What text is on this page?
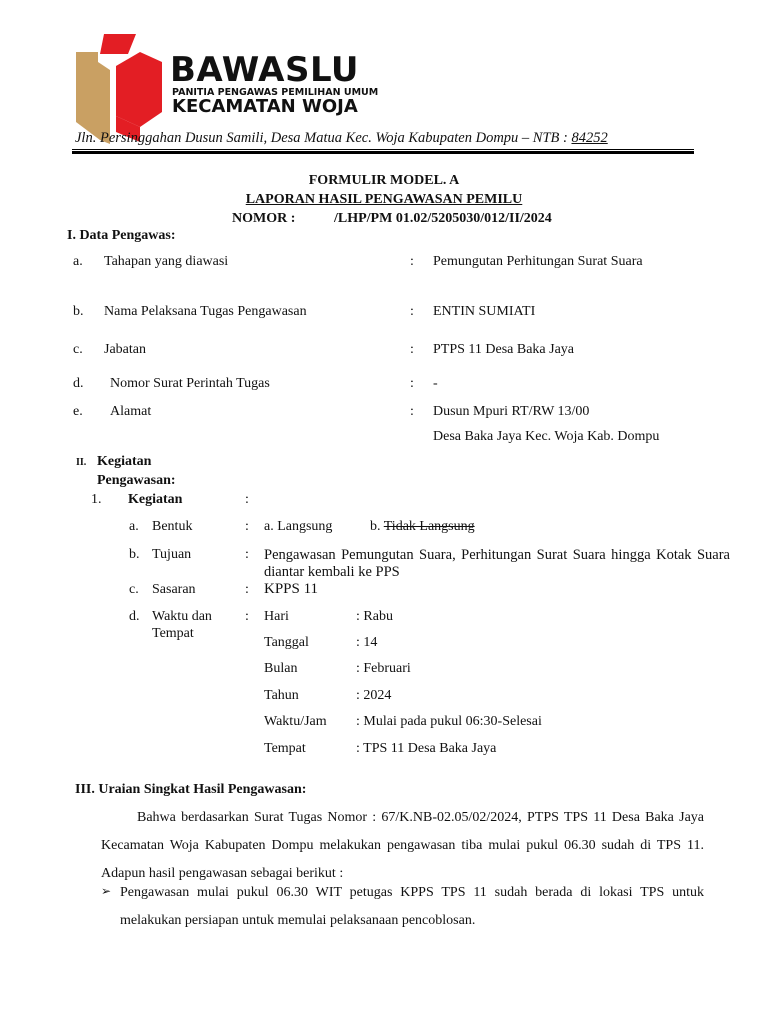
BAWASLU
PANITIA PENGAWAS PEMILIHAN UMUM
KECAMATAN WOJA
Jln. Persinggahan Dusun Samili, Desa Matua Kec. Woja Kabupaten Dompu – NTB : 84252
FORMULIR MODEL. A
LAPORAN HASIL PENGAWASAN PEMILU
NOMOR :	/LHP/PM 01.02/5205030/012/II/2024
I. Data Pengawas:
a. Tahapan yang diawasi	: Pemungutan Perhitungan Surat Suara
b. Nama Pelaksana Tugas Pengawasan	: ENTIN SUMIATI
c. Jabatan	: PTPS 11 Desa Baka Jaya
d. Nomor Surat Perintah Tugas	: -
e. Alamat	: Dusun Mpuri RT/RW 13/00
Desa Baka Jaya Kec. Woja Kab. Dompu
II. Kegiatan
Pengawasan:
1. Kegiatan	:
a. Bentuk	: a. Langsung	b. Tidak Langsung
b. Tujuan	: Pengawasan Pemungutan Suara, Perhitungan Surat Suara hingga Kotak Suara diantar kembali ke PPS
c. Sasaran	: KPPS 11
d. Waktu dan
Tempat
: Hari	: Rabu
Tanggal	: 14
Bulan	: Februari
Tahun	: 2024
Waktu/Jam : Mulai pada pukul 06:30-Selesai
Tempat	: TPS 11 Desa Baka Jaya
III. Uraian Singkat Hasil Pengawasan:
Bahwa berdasarkan Surat Tugas Nomor : 67/K.NB-02.05/02/2024, PTPS TPS 11 Desa Baka Jaya Kecamatan Woja Kabupaten Dompu melakukan pengawasan tiba mulai pukul 06.30 sudah di TPS 11. Adapun hasil pengawasan sebagai berikut :
➢ Pengawasan mulai pukul 06.30 WIT petugas KPPS TPS 11 sudah berada di lokasi TPS untuk melakukan persiapan untuk memulai pelaksanaan pencoblosan.
